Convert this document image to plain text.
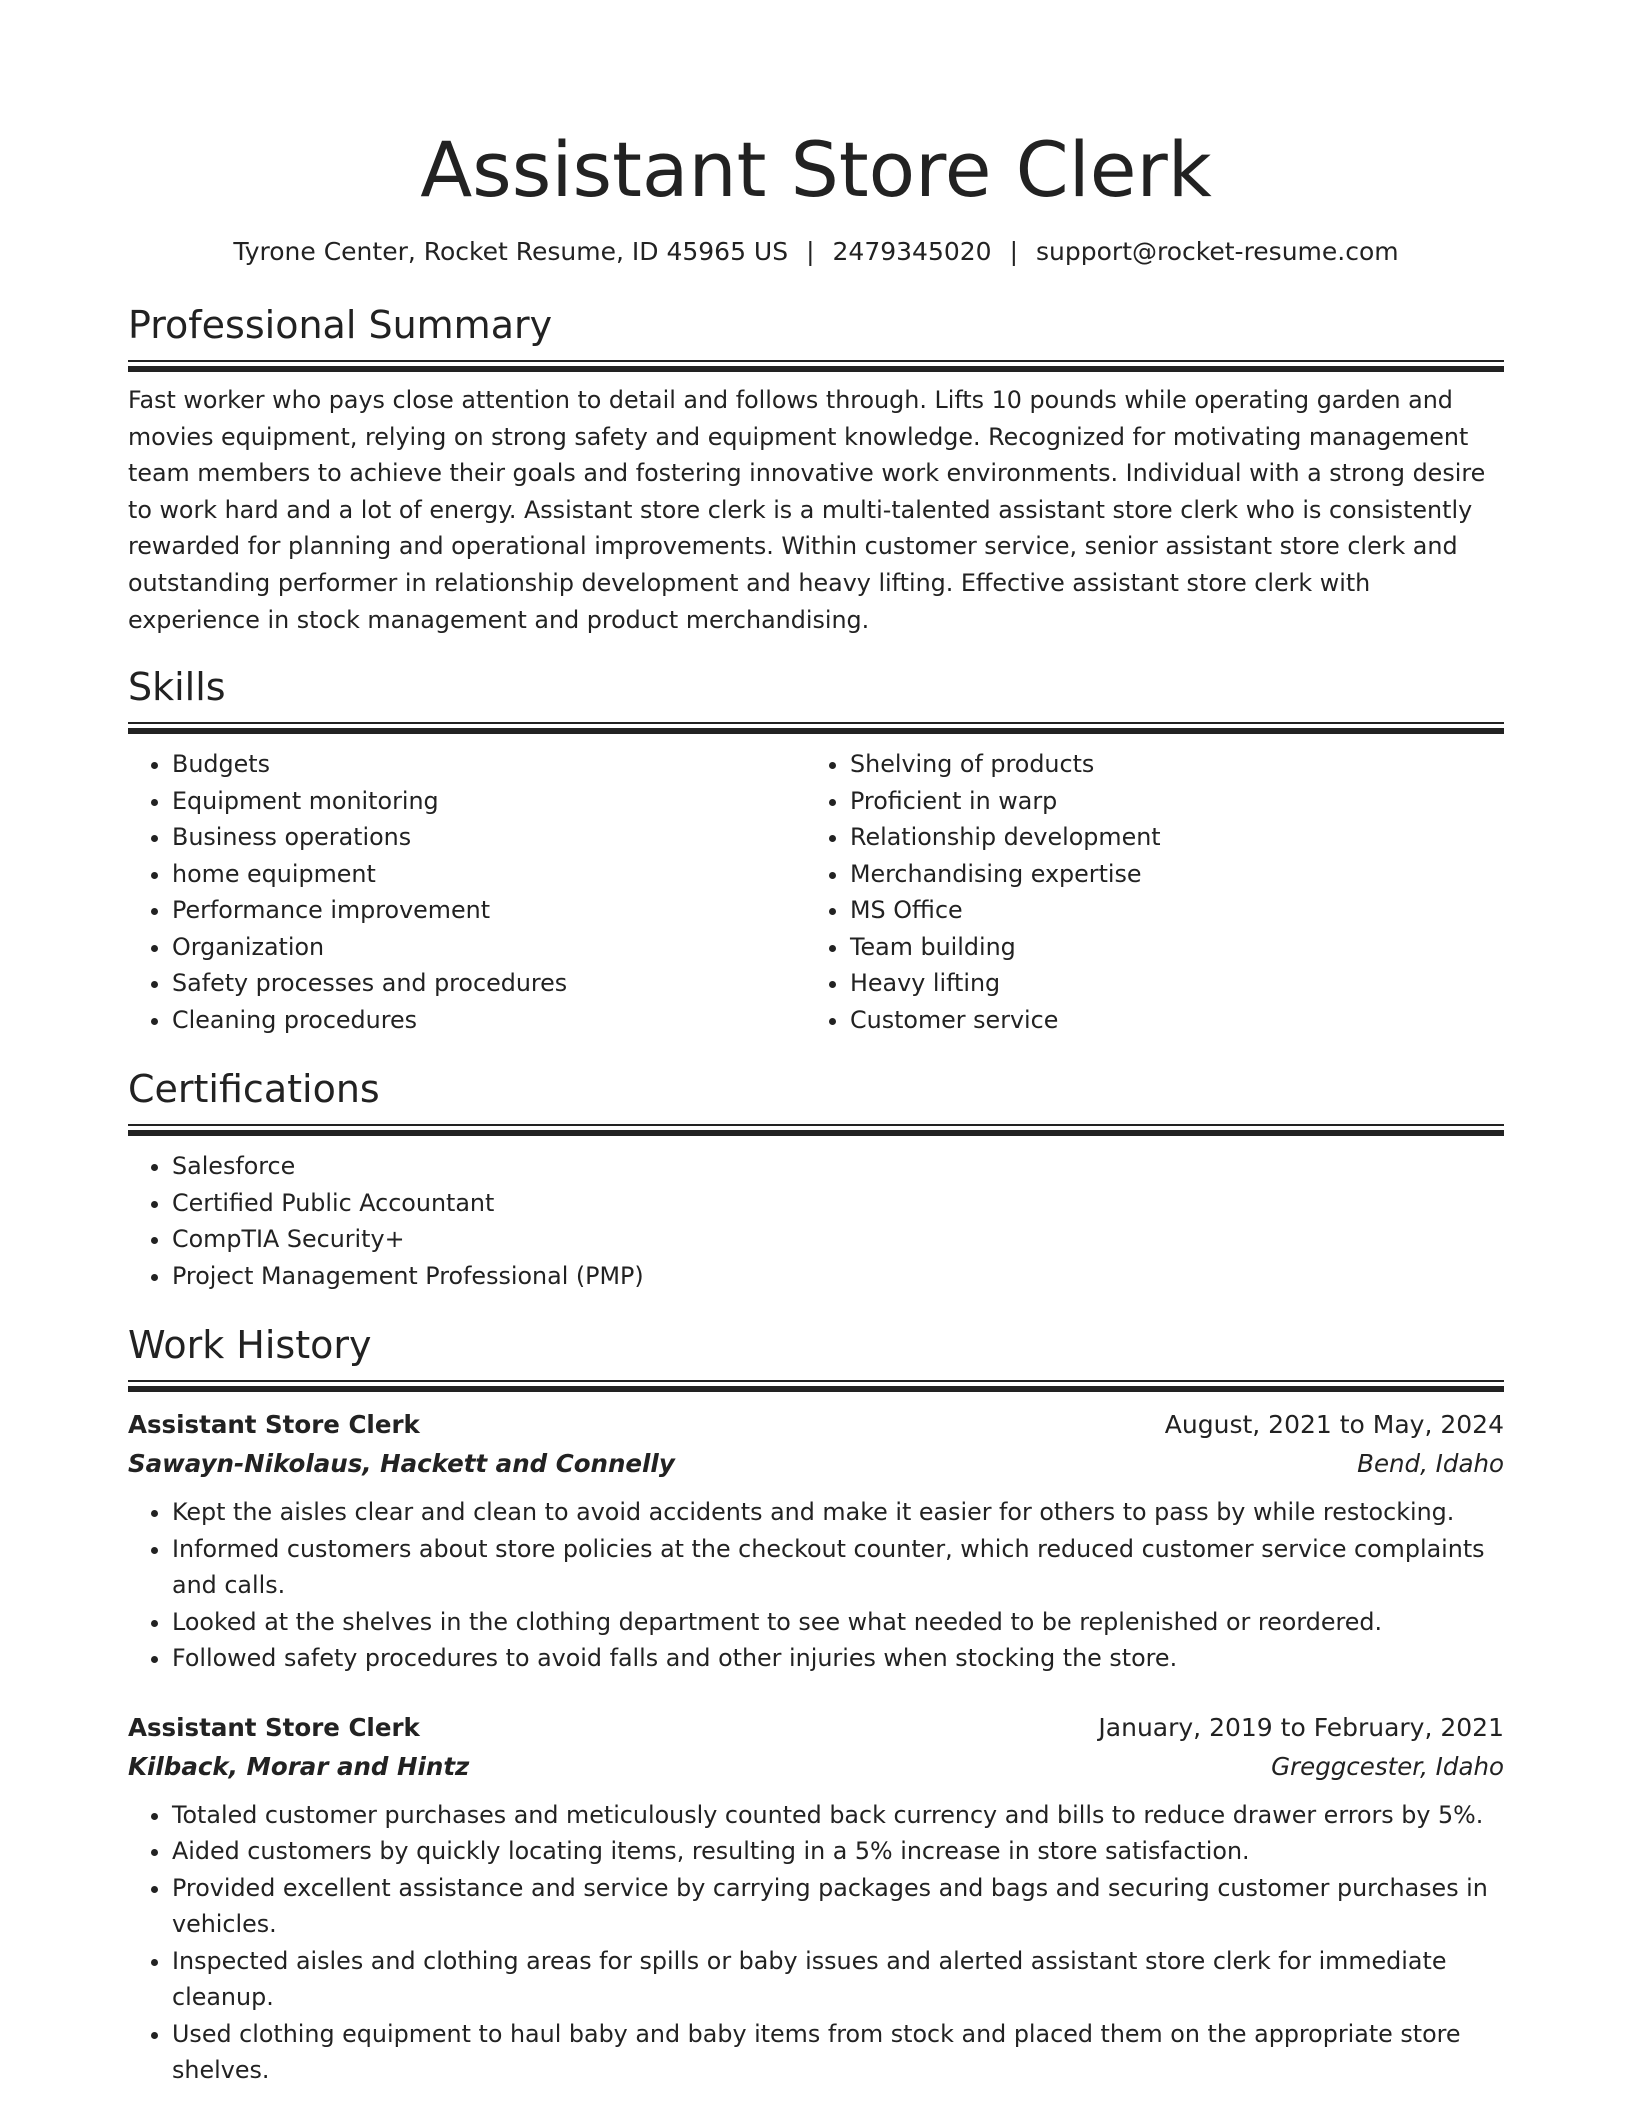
Assistant Store Clerk
Tyrone Center, Rocket Resume, ID 45965 US | 2479345020 | support@rocket-resume.com
Professional Summary
Fast worker who pays close attention to detail and follows through. Lifts 10 pounds while operating garden and movies equipment, relying on strong safety and equipment knowledge. Recognized for motivating management team members to achieve their goals and fostering innovative work environments. Individual with a strong desire to work hard and a lot of energy. Assistant store clerk is a multi-talented assistant store clerk who is consistently rewarded for planning and operational improvements. Within customer service, senior assistant store clerk and outstanding performer in relationship development and heavy lifting. Effective assistant store clerk with experience in stock management and product merchandising.
Skills
• Budgets
• Equipment monitoring
• Business operations
• home equipment
• Performance improvement
• Organization
• Safety processes and procedures
• Cleaning procedures
• Shelving of products
• Proficient in warp
• Relationship development
• Merchandising expertise
• MS Office
• Team building
• Heavy lifting
• Customer service
Certifications
• Salesforce
• Certified Public Accountant
• CompTIA Security+
• Project Management Professional (PMP)
Work History
Assistant Store Clerk	August, 2021 to May, 2024
Sawayn-Nikolaus, Hackett and Connelly	Bend, Idaho
• Kept the aisles clear and clean to avoid accidents and make it easier for others to pass by while restocking.
• Informed customers about store policies at the checkout counter, which reduced customer service complaints and calls.
• Looked at the shelves in the clothing department to see what needed to be replenished or reordered.
• Followed safety procedures to avoid falls and other injuries when stocking the store.
Assistant Store Clerk	January, 2019 to February, 2021
Kilback, Morar and Hintz	Greggcester, Idaho
• Totaled customer purchases and meticulously counted back currency and bills to reduce drawer errors by 5%.
• Aided customers by quickly locating items, resulting in a 5% increase in store satisfaction.
• Provided excellent assistance and service by carrying packages and bags and securing customer purchases in vehicles.
• Inspected aisles and clothing areas for spills or baby issues and alerted assistant store clerk for immediate cleanup.
• Used clothing equipment to haul baby and baby items from stock and placed them on the appropriate store shelves.
